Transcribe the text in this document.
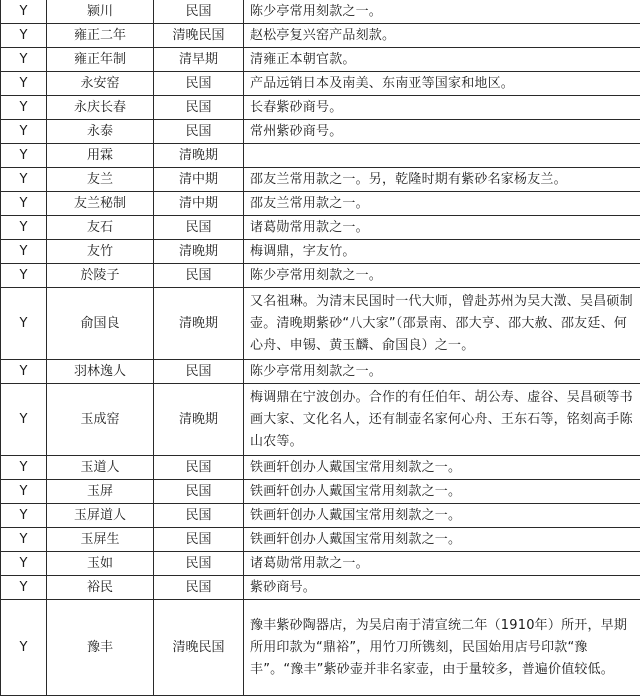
Y	颍川	民国	陈少亭常用刻款之一。
Y	雍正二年	清晚民国	赵松亭复兴窑产品刻款。
Y	雍正年制	清早期	清雍正本朝官款。
Y	永安窑	民国	产品远销日本及南美、东南亚等国家和地区。
Y	永庆长春	民国	长春紫砂商号。
Y	永泰	民国	常州紫砂商号。
Y	用霖	清晚期	
Y	友兰	清中期	邵友兰常用款之一。另，乾隆时期有紫砂名家杨友兰。
Y	友兰秘制	清中期	邵友兰常用款之一。
Y	友石	民国	诸葛勋常用款之一。
Y	友竹	清晚期	梅调鼎，字友竹。
Y	於陵子	民国	陈少亭常用刻款之一。
Y	俞国良	清晚期	又名祖琳。为清末民国时一代大师，曾赴苏州为吴大澂、吴昌硕制壶。清晚期紫砂“八大家”（邵景南、邵大亨、邵大赦、邵友廷、何心舟、申锡、黄玉麟、俞国良）之一。
Y	羽林逸人	民国	陈少亭常用刻款之一。
Y	玉成窑	清晚期	梅调鼎在宁波创办。合作的有任伯年、胡公寿、虚谷、吴昌硕等书画大家、文化名人，还有制壶名家何心舟、王东石等，铭刻高手陈山农等。
Y	玉道人	民国	铁画轩创办人戴国宝常用刻款之一。
Y	玉屏	民国	铁画轩创办人戴国宝常用刻款之一。
Y	玉屏道人	民国	铁画轩创办人戴国宝常用刻款之一。
Y	玉屏生	民国	铁画轩创办人戴国宝常用刻款之一。
Y	玉如	民国	诸葛勋常用款之一。
Y	裕民	民国	紫砂商号。
Y	豫丰	清晚民国	豫丰紫砂陶器店，为吴启南于清宣统二年（1910年）所开，早期所用印款为“鼎裕”，用竹刀所镌刻，民国始用店号印款“豫丰”。“豫丰”紫砂壶并非名家壶，由于量较多，普遍价值较低。
